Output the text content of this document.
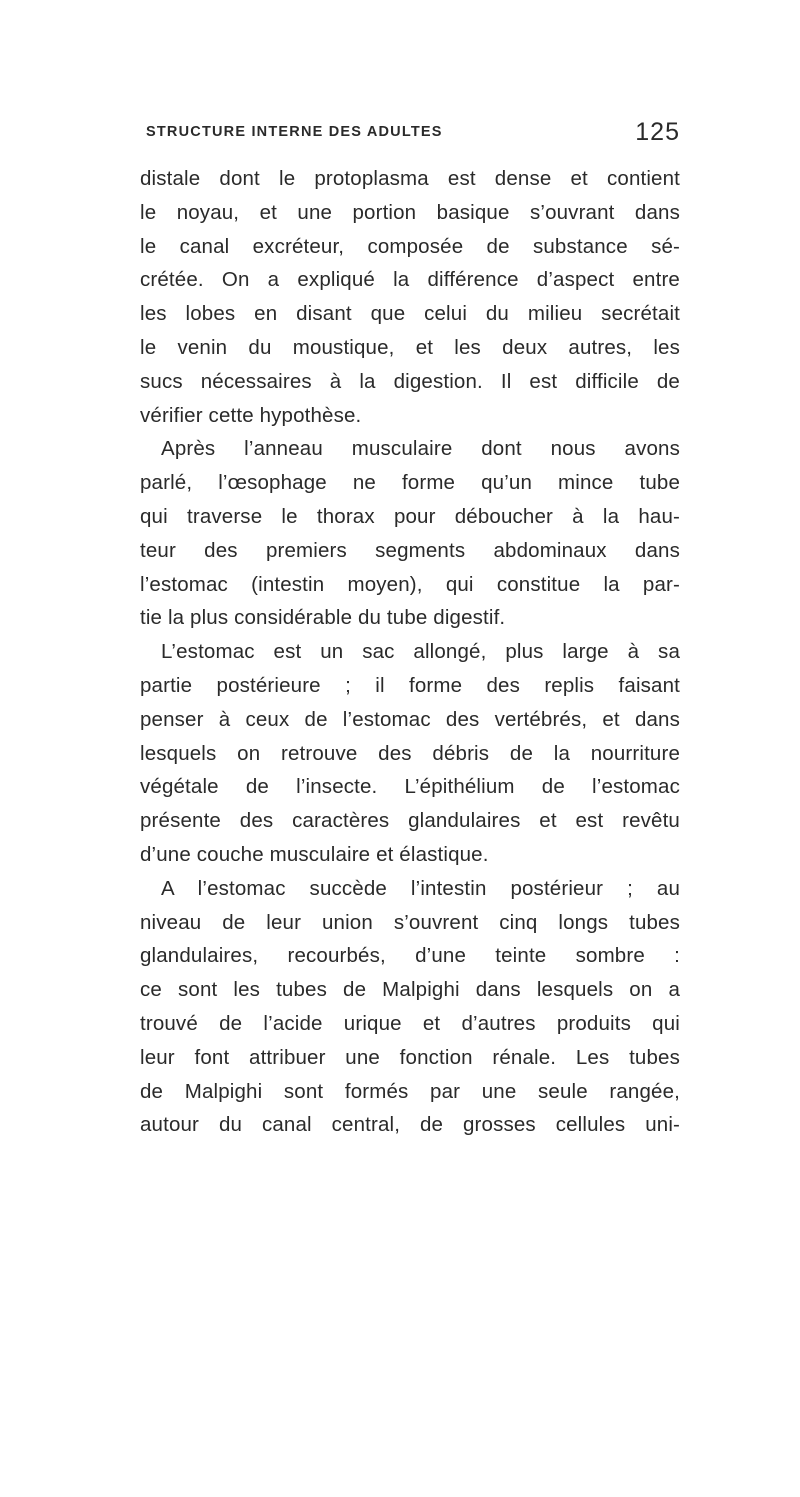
STRUCTURE INTERNE DES ADULTES	125
distale dont le protoplasma est dense et contient
le noyau, et une portion basique s’ouvrant dans
le canal excréteur, composée de substance sé-
crétée. On a expliqué la différence d’aspect entre
les lobes en disant que celui du milieu secrétait
le venin du moustique, et les deux autres, les
sucs nécessaires à la digestion. Il est difficile de
vérifier cette hypothèse.
Après l’anneau musculaire dont nous avons
parlé, l’œsophage ne forme qu’un mince tube
qui traverse le thorax pour déboucher à la hau-
teur des premiers segments abdominaux dans
l’estomac (intestin moyen), qui constitue la par-
tie la plus considérable du tube digestif.
L’estomac est un sac allongé, plus large à sa
partie postérieure ; il forme des replis faisant
penser à ceux de l’estomac des vertébrés, et dans
lesquels on retrouve des débris de la nourriture
végétale de l’insecte. L’épithélium de l’estomac
présente des caractères glandulaires et est revêtu
d’une couche musculaire et élastique.
A l’estomac succède l’intestin postérieur ; au
niveau de leur union s’ouvrent cinq longs tubes
glandulaires, recourbés, d’une teinte sombre :
ce sont les tubes de Malpighi dans lesquels on a
trouvé de l’acide urique et d’autres produits qui
leur font attribuer une fonction rénale. Les tubes
de Malpighi sont formés par une seule rangée,
autour du canal central, de grosses cellules uni-
